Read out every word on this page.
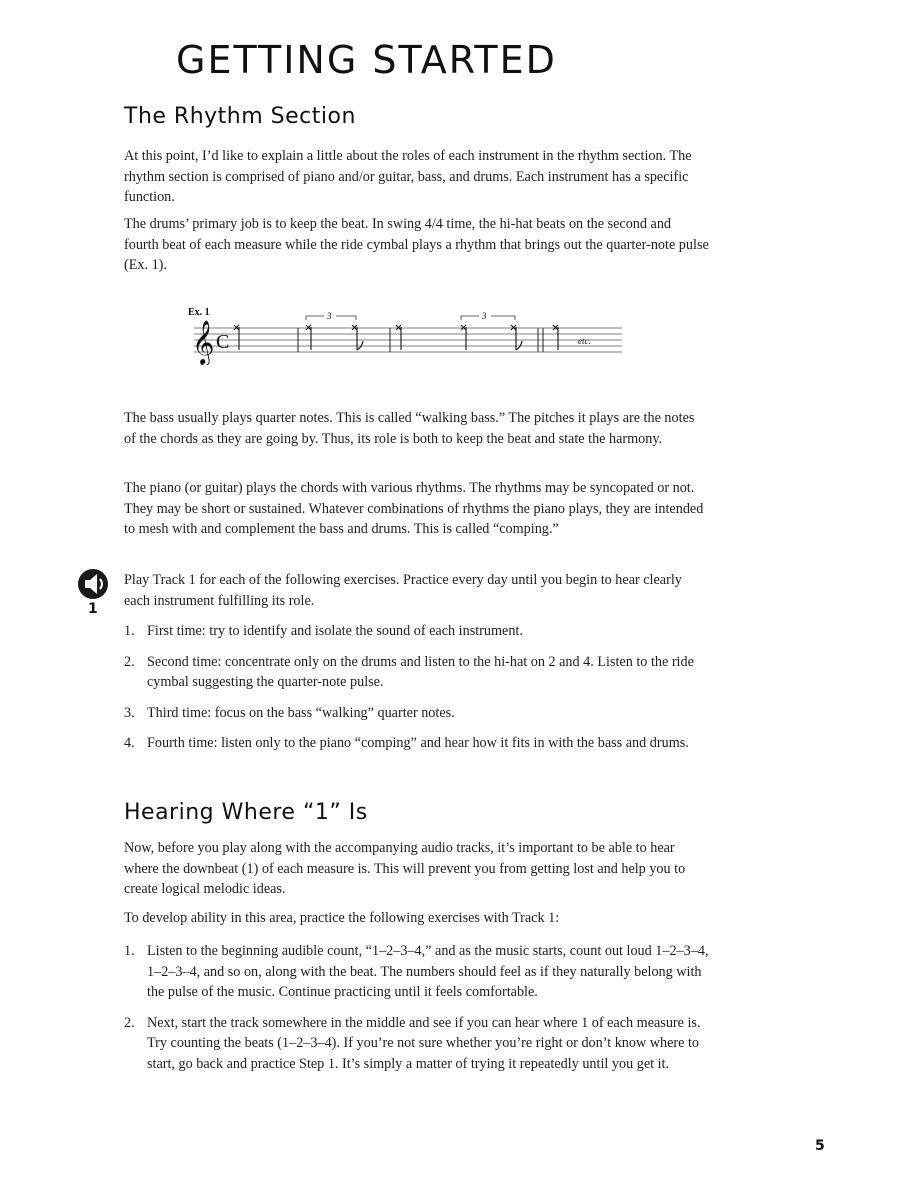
GETTING STARTED
The Rhythm Section

At this point, I’d like to explain a little about the roles of each instrument in the rhythm section. The rhythm section is comprised of piano and/or guitar, bass, and drums. Each instrument has a specific function.

The drums’ primary job is to keep the beat. In swing 4/4 time, the hi-hat beats on the second and fourth beat of each measure while the ride cymbal plays a rhythm that brings out the quarter-note pulse (Ex. 1).

Ex. 1
𝄞 C
3	3
etc.

The bass usually plays quarter notes. This is called “walking bass.” The pitches it plays are the notes of the chords as they are going by. Thus, its role is both to keep the beat and state the harmony.

The piano (or guitar) plays the chords with various rhythms. The rhythms may be syncopated or not. They may be short or sustained. Whatever combinations of rhythms the piano plays, they are intended to mesh with and complement the bass and drums. This is called “comping.”

1

Play Track 1 for each of the following exercises. Practice every day until you begin to hear clearly each instrument fulfilling its role.

1. First time: try to identify and isolate the sound of each instrument.
2. Second time: concentrate only on the drums and listen to the hi-hat on 2 and 4. Listen to the ride cymbal suggesting the quarter-note pulse.
3. Third time: focus on the bass “walking” quarter notes.
4. Fourth time: listen only to the piano “comping” and hear how it fits in with the bass and drums.
Hearing Where “1” Is

Now, before you play along with the accompanying audio tracks, it’s important to be able to hear where the downbeat (1) of each measure is. This will prevent you from getting lost and help you to create logical melodic ideas.

To develop ability in this area, practice the following exercises with Track 1:

1. Listen to the beginning audible count, “1–2–3–4,” and as the music starts, count out loud 1–2–3–4, 1–2–3–4, and so on, along with the beat. The numbers should feel as if they naturally belong with the pulse of the music. Continue practicing until it feels comfortable.
2. Next, start the track somewhere in the middle and see if you can hear where 1 of each measure is. Try counting the beats (1–2–3–4). If you’re not sure whether you’re right or don’t know where to start, go back and practice Step 1. It’s simply a matter of trying it repeatedly until you get it.
5
